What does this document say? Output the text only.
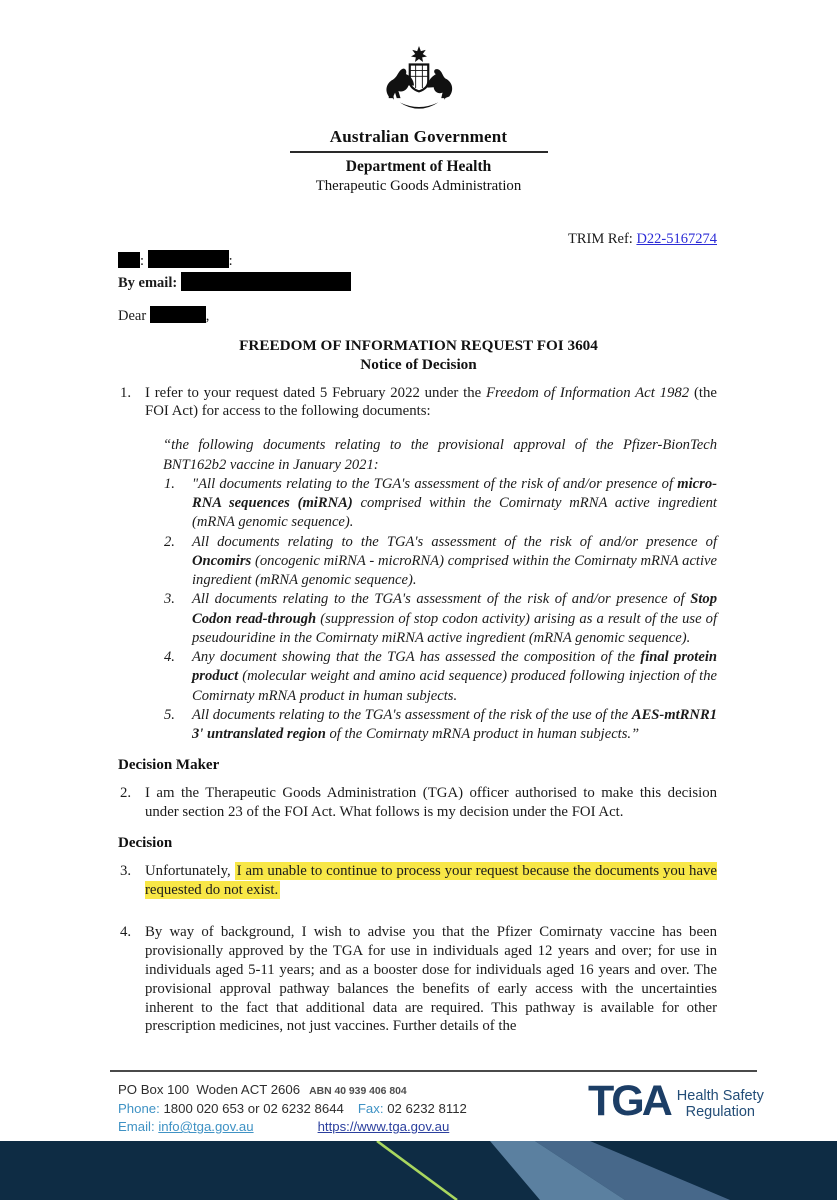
Australian Government
Department of Health
Therapeutic Goods Administration
TRIM Ref: D22-5167274
:	:
By email:
Dear	,
FREEDOM OF INFORMATION REQUEST FOI 3604
Notice of Decision
1. I refer to your request dated 5 February 2022 under the Freedom of Information Act 1982 (the FOI Act) for access to the following documents:
“the following documents relating to the provisional approval of the Pfizer-BionTech BNT162b2 vaccine in January 2021:
1. "All documents relating to the TGA's assessment of the risk of and/or presence of micro-RNA sequences (miRNA) comprised within the Comirnaty mRNA active ingredient (mRNA genomic sequence).
2. All documents relating to the TGA's assessment of the risk of and/or presence of Oncomirs (oncogenic miRNA - microRNA) comprised within the Comirnaty mRNA active ingredient (mRNA genomic sequence).
3. All documents relating to the TGA's assessment of the risk of and/or presence of Stop Codon read-through (suppression of stop codon activity) arising as a result of the use of pseudouridine in the Comirnaty miRNA active ingredient (mRNA genomic sequence).
4. Any document showing that the TGA has assessed the composition of the final protein product (molecular weight and amino acid sequence) produced following injection of the Comirnaty mRNA product in human subjects.
5. All documents relating to the TGA's assessment of the risk of the use of the AES-mtRNR1 3' untranslated region of the Comirnaty mRNA product in human subjects.”
Decision Maker
2. I am the Therapeutic Goods Administration (TGA) officer authorised to make this decision under section 23 of the FOI Act. What follows is my decision under the FOI Act.
Decision
3. Unfortunately, I am unable to continue to process your request because the documents you have requested do not exist.
4. By way of background, I wish to advise you that the Pfizer Comirnaty vaccine has been provisionally approved by the TGA for use in individuals aged 12 years and over; for use in individuals aged 5-11 years; and as a booster dose for individuals aged 16 years and over. The provisional approval pathway balances the benefits of early access with the uncertainties inherent to the fact that additional data are required. This pathway is available for other prescription medicines, not just vaccines. Further details of the
PO Box 100  Woden ACT 2606 ABN 40 939 406 804
Phone: 1800 020 653 or 02 6232 8644 Fax: 02 6232 8112
Email: info@tga.gov.au	https://www.tga.gov.au
TGA Health Safety
Regulation
